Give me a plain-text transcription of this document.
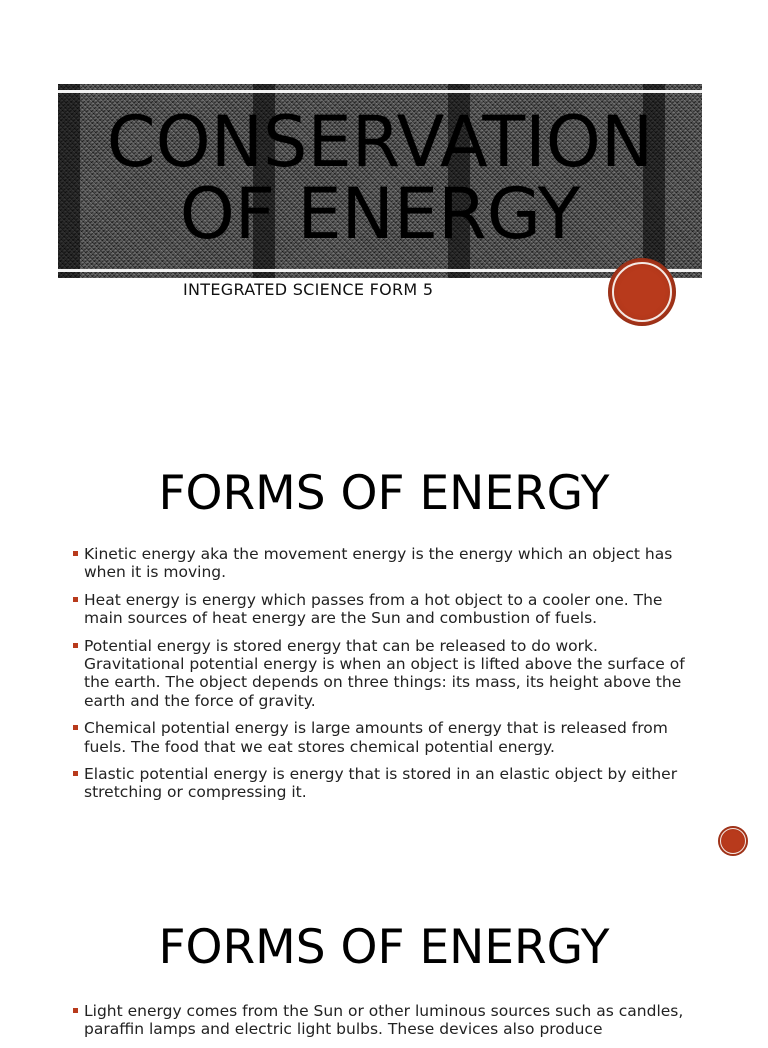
CONSERVATION
OF ENERGY
INTEGRATED SCIENCE FORM 5
FORMS OF ENERGY
Kinetic energy aka the movement energy is the energy which an object has when it is moving.
Heat energy is energy which passes from a hot object to a cooler one. The main sources of heat energy are the Sun and combustion of fuels.
Potential energy is stored energy that can be released to do work. Gravitational potential energy is when an object is lifted above the surface of the earth. The object depends on three things: its mass, its height above the earth and the force of gravity.
Chemical potential energy is large amounts of energy that is released from fuels. The food that we eat stores chemical potential energy.
Elastic potential energy is energy that is stored in an elastic object by either stretching or compressing it.
FORMS OF ENERGY
Light energy comes from the Sun or other luminous sources such as candles, paraffin lamps and electric light bulbs. These devices also produce
